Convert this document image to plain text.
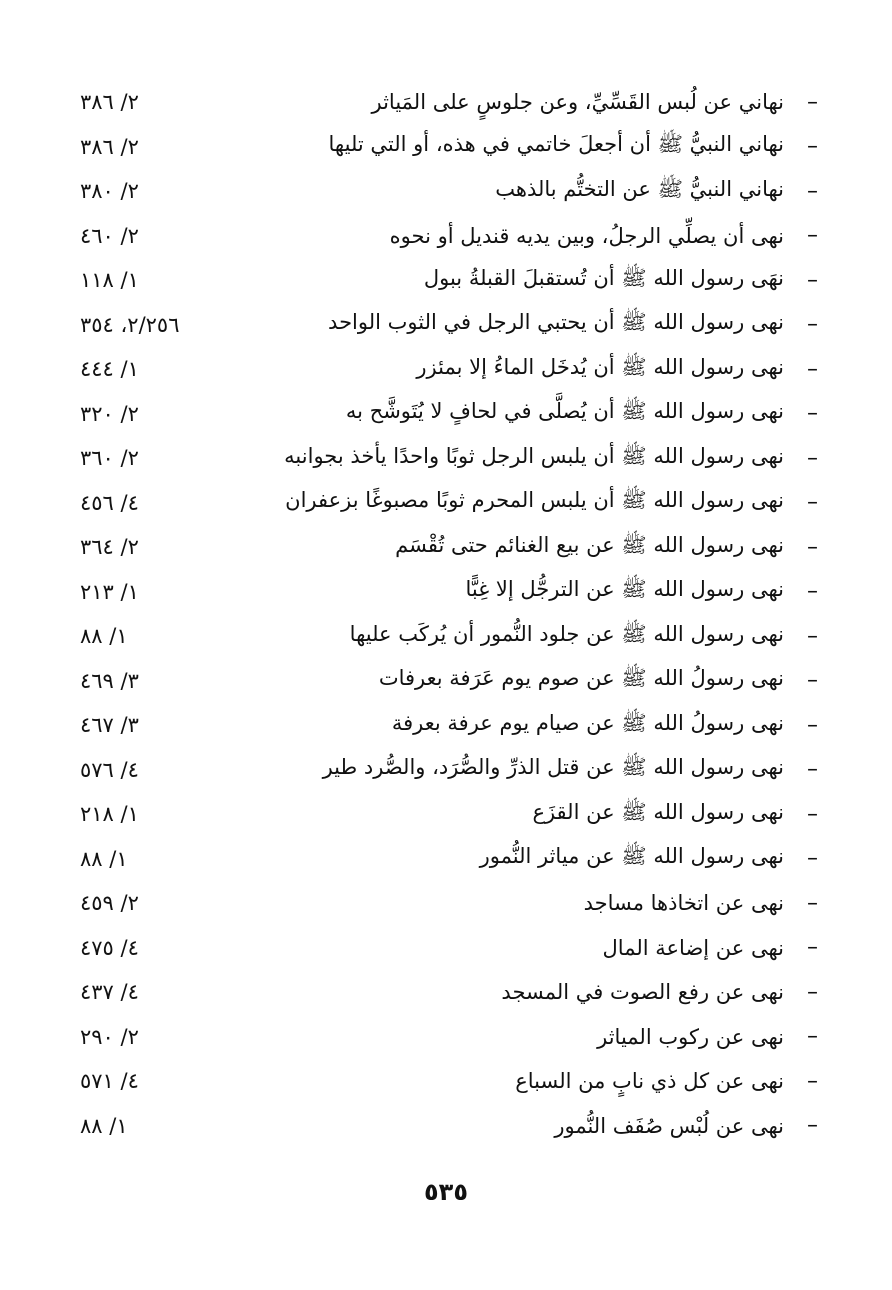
–
نهاني عن لُبس القَسِّيِّ، وعن جلوسٍ على المَياثر
٢/ ٣٨٦
–
نهاني النبيُّ ﷺ أن أجعلَ خاتمي في هذه، أو التي تليها
٢/ ٣٨٦
–
نهاني النبيُّ ﷺ عن التختُّم بالذهب
٢/ ٣٨٠
–
نهى أن يصلِّي الرجلُ، وبين يديه قنديل أو نحوه
٢/ ٤٦٠
–
نهَى رسول الله ﷺ أن تُستقبلَ القبلةُ ببول
١/ ١١٨
–
نهى رسول الله ﷺ أن يحتبي الرجل في الثوب الواحد
٢/٢٥٦، ٣٥٤
–
نهى رسول الله ﷺ أن يُدخَل الماءُ إلا بمئزر
١/ ٤٤٤
–
نهى رسول الله ﷺ أن يُصلَّى في لحافٍ لا يُتَوشَّح به
٢/ ٣٢٠
–
نهى رسول الله ﷺ أن يلبس الرجل ثوبًا واحدًا يأخذ بجوانبه
٢/ ٣٦٠
–
نهى رسول الله ﷺ أن يلبس المحرم ثوبًا مصبوغًا بزعفران
٤/ ٤٥٦
–
نهى رسول الله ﷺ عن بيع الغنائم حتى تُقْسَم
٢/ ٣٦٤
–
نهى رسول الله ﷺ عن الترجُّل إلا غِبًّا
١/ ٢١٣
–
نهى رسول الله ﷺ عن جلود النُّمور أن يُركَب عليها
١/ ٨٨
–
نهى رسولُ الله ﷺ عن صوم يوم عَرَفة بعرفات
٣/ ٤٦٩
–
نهى رسولُ الله ﷺ عن صيام يوم عرفة بعرفة
٣/ ٤٦٧
–
نهى رسول الله ﷺ عن قتل الذرِّ والصُّرَد، والصُّرد طير
٤/ ٥٧٦
–
نهى رسول الله ﷺ عن القزَع
١/ ٢١٨
–
نهى رسول الله ﷺ عن مياثر النُّمور
١/ ٨٨
–
نهى عن اتخاذها مساجد
٢/ ٤٥٩
–
نهى عن إضاعة المال
٤/ ٤٧٥
–
نهى عن رفع الصوت في المسجد
٤/ ٤٣٧
–
نهى عن ركوب المياثر
٢/ ٢٩٠
–
نهى عن كل ذي نابٍ من السباع
٤/ ٥٧١
–
نهى عن لُبْس صُفَف النُّمور
١/ ٨٨
٥٣٥
